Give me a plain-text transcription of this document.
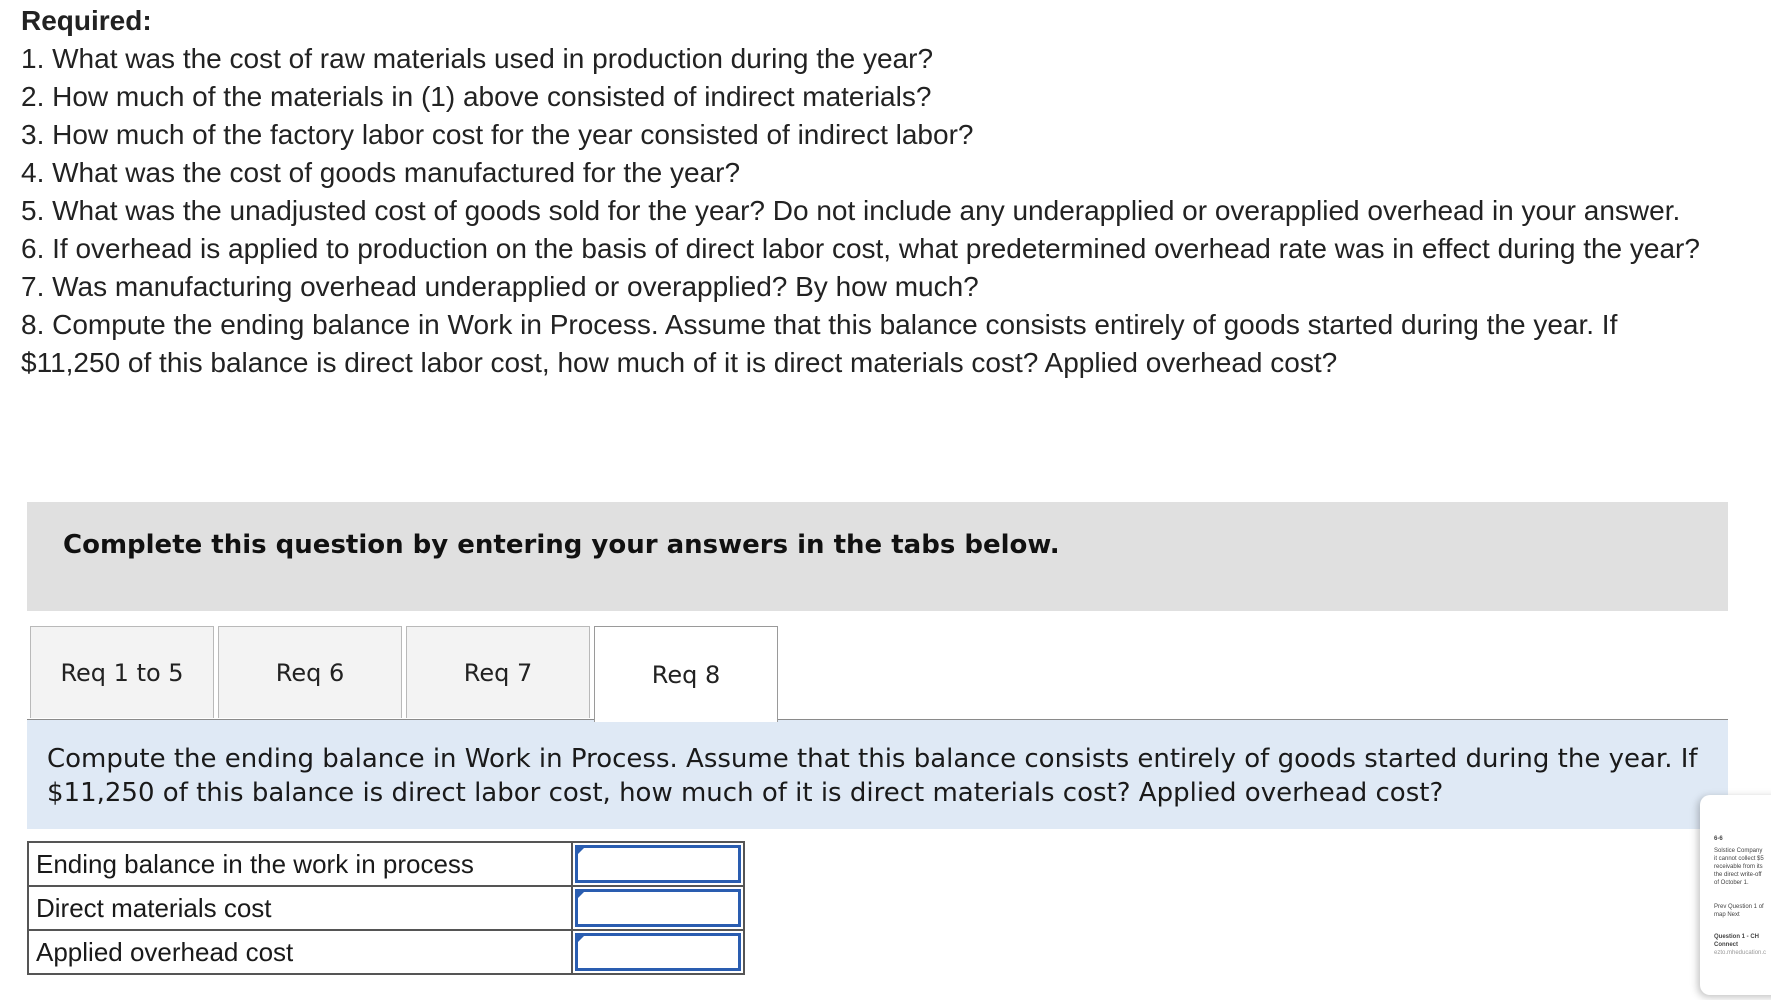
Required:
1. What was the cost of raw materials used in production during the year?
2. How much of the materials in (1) above consisted of indirect materials?
3. How much of the factory labor cost for the year consisted of indirect labor?
4. What was the cost of goods manufactured for the year?
5. What was the unadjusted cost of goods sold for the year? Do not include any underapplied or overapplied overhead in your answer.
6. If overhead is applied to production on the basis of direct labor cost, what predetermined overhead rate was in effect during the year?
7. Was manufacturing overhead underapplied or overapplied? By how much?
8. Compute the ending balance in Work in Process. Assume that this balance consists entirely of goods started during the year. If $11,250 of this balance is direct labor cost, how much of it is direct materials cost? Applied overhead cost?
Complete this question by entering your answers in the tabs below.
Req 1 to 5	Req 6	Req 7	Req 8
Compute the ending balance in Work in Process. Assume that this balance consists entirely of goods started during the year. If $11,250 of this balance is direct labor cost, how much of it is direct materials cost? Applied overhead cost?
Ending balance in the work in process	

Direct materials cost	

Applied overhead cost	
6-6
Solstice Company
it cannot collect $5
receivable from its
the direct write-off
of October 1.
Prev Question 1 of
map Next
Question 1 - CH
Connect
ezto.mheducation.c
